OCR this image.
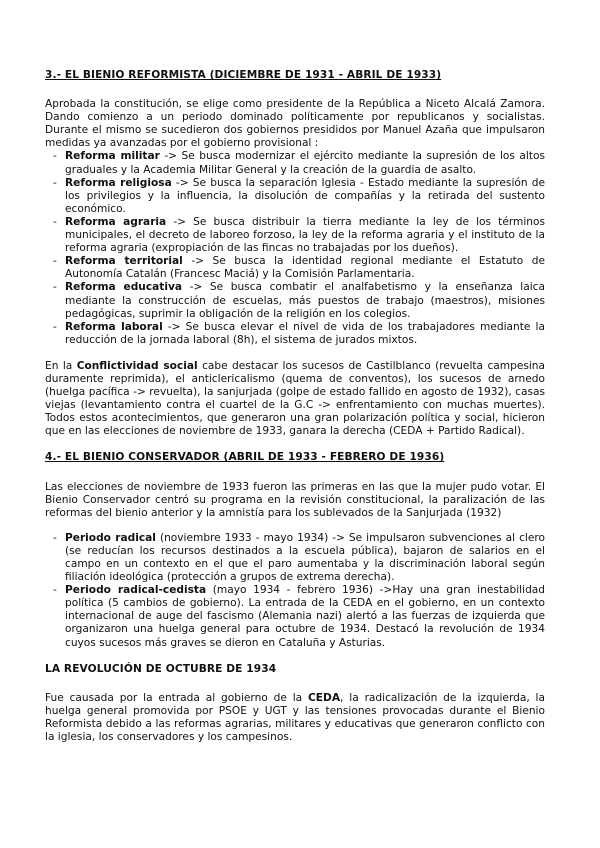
3.- EL BIENIO REFORMISTA (DICIEMBRE DE 1931 - ABRIL DE 1933)

Aprobada la constitución, se elige como presidente de la República a Niceto Alcalá Zamora. Dando comienzo a un periodo dominado políticamente por republicanos y socialistas. Durante el mismo se sucedieron dos gobiernos presididos por Manuel Azaña que impulsaron medidas ya avanzadas por el gobierno provisional :

- Reforma militar -> Se busca modernizar el ejército mediante la supresión de los altos graduales y la Academia Militar General y la creación de la guardia de asalto.
- Reforma religiosa -> Se busca la separación Iglesia - Estado mediante la supresión de los privilegios y la influencia, la disolución de compañías y la retirada del sustento económico.
- Reforma agraria -> Se busca distribuir la tierra mediante la ley de los términos municipales, el decreto de laboreo forzoso, la ley de la reforma agraria y el instituto de la reforma agraria (expropiación de las fincas no trabajadas por los dueños).
- Reforma territorial -> Se busca la identidad regional mediante el Estatuto de Autonomía Catalán (Francesc Maciá) y la Comisión Parlamentaria.
- Reforma educativa -> Se busca combatir el analfabetismo y la enseñanza laica mediante la construcción de escuelas, más puestos de trabajo (maestros), misiones pedagógicas, suprimir la obligación de la religión en los colegios.
- Reforma laboral -> Se busca elevar el nivel de vida de los trabajadores mediante la reducción de la jornada laboral (8h), el sistema de jurados mixtos.

En la Conflictividad social cabe destacar los sucesos de Castilblanco (revuelta campesina duramente reprimida), el anticlericalismo (quema de conventos), los sucesos de arnedo (huelga pacífica -> revuelta), la sanjurjada (golpe de estado fallido en agosto de 1932), casas viejas (levantamiento contra el cuartel de la G.C -> enfrentamiento con muchas muertes). Todos estos acontecimientos, que generaron una gran polarización política y social, hicieron que en las elecciones de noviembre de 1933, ganara la derecha (CEDA + Partido Radical).

4.- EL BIENIO CONSERVADOR (ABRIL DE 1933 - FEBRERO DE 1936)

Las elecciones de noviembre de 1933 fueron las primeras en las que la mujer pudo votar. El Bienio Conservador centró su programa en la revisión constitucional, la paralización de las reformas del bienio anterior y la amnistía para los sublevados de la Sanjurjada (1932)

- Periodo radical (noviembre 1933 - mayo 1934) -> Se impulsaron subvenciones al clero (se reducían los recursos destinados a la escuela pública), bajaron de salarios en el campo en un contexto en el que el paro aumentaba y la discriminación laboral según filiación ideológica (protección a grupos de extrema derecha).
- Periodo radical-cedista (mayo 1934 - febrero 1936) ->Hay una gran inestabilidad política (5 cambios de gobierno). La entrada de la CEDA en el gobierno, en un contexto internacional de auge del fascismo (Alemania nazi) alertó a las fuerzas de izquierda que organizaron una huelga general para octubre de 1934. Destacó la revolución de 1934 cuyos sucesos más graves se dieron en Cataluña y Asturias.
LA REVOLUCIÓN DE OCTUBRE DE 1934

Fue causada por la entrada al gobierno de la CEDA, la radicalización de la izquierda, la huelga general promovida por PSOE y UGT y las tensiones provocadas durante el Bienio Reformista debido a las reformas agrarias, militares y educativas que generaron conflicto con la iglesia, los conservadores y los campesinos.
